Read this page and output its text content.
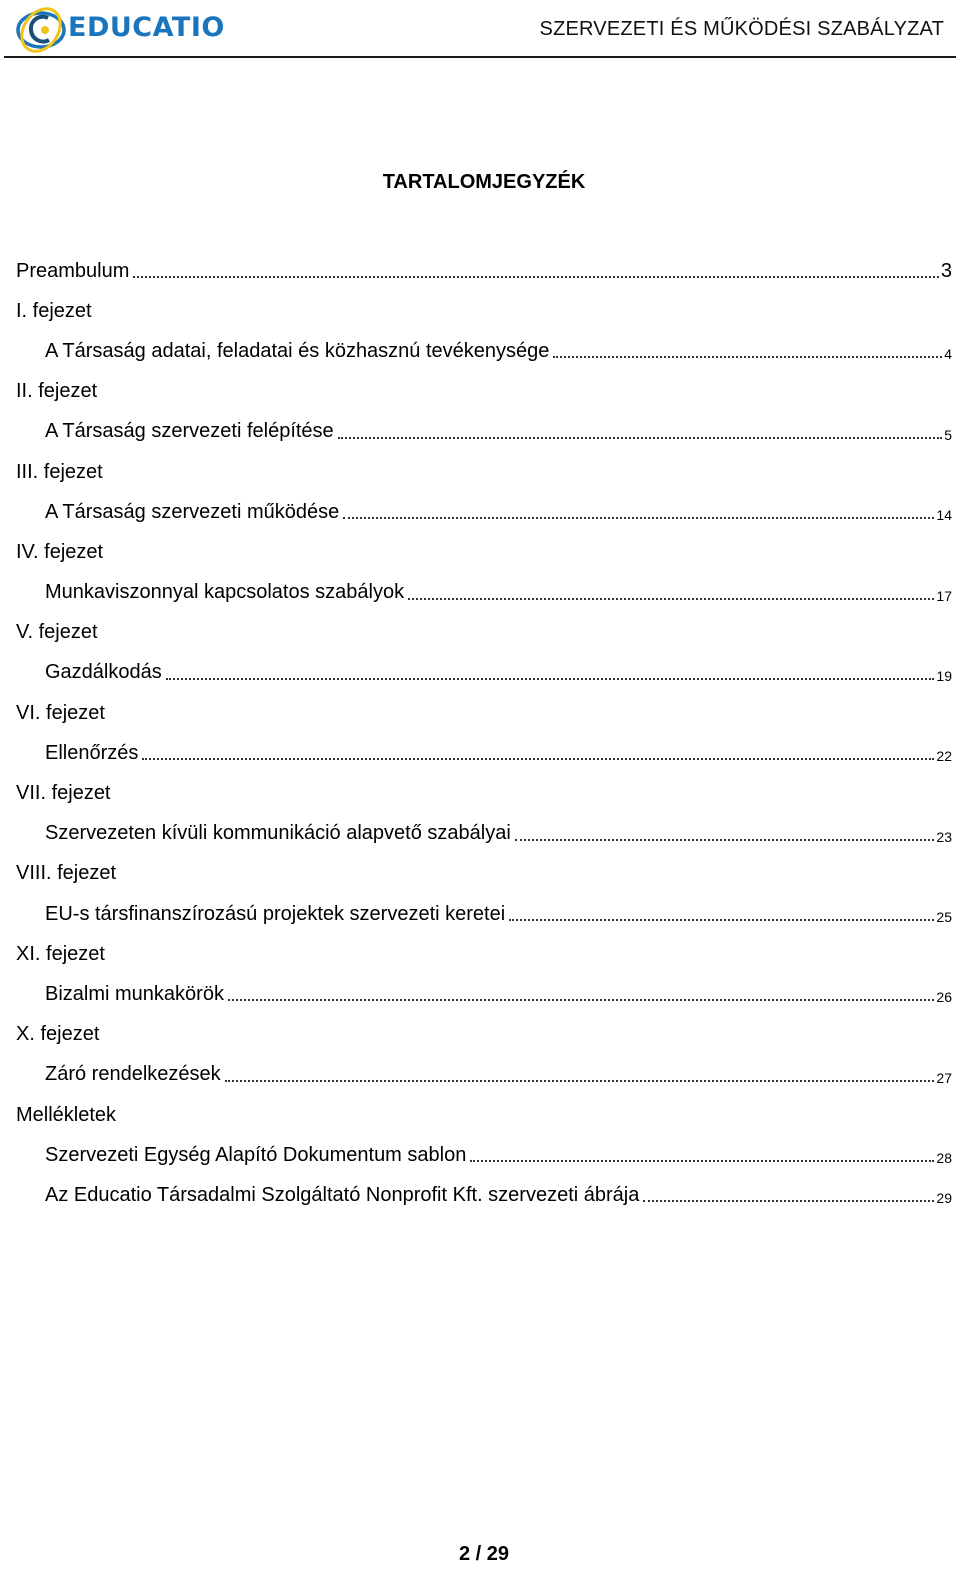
EDUCATIO	SZERVEZETI ÉS MŰKÖDÉSI SZABÁLYZAT
TARTALOMJEGYZÉK
Preambulum	3
I. fejezet
A Társaság adatai, feladatai és közhasznú tevékenysége	4
II. fejezet
A Társaság szervezeti felépítése	5
III. fejezet
A Társaság szervezeti működése	14
IV. fejezet
Munkaviszonnyal kapcsolatos szabályok	17
V. fejezet
Gazdálkodás	19
VI. fejezet
Ellenőrzés	22
VII. fejezet
Szervezeten kívüli kommunikáció alapvető szabályai	23
VIII. fejezet
EU-s társfinanszírozású projektek szervezeti keretei	25
XI. fejezet
Bizalmi munkakörök	26
X. fejezet
Záró rendelkezések	27
Mellékletek
Szervezeti Egység Alapító Dokumentum sablon	28
Az Educatio Társadalmi Szolgáltató Nonprofit Kft. szervezeti ábrája	29
2 / 29
